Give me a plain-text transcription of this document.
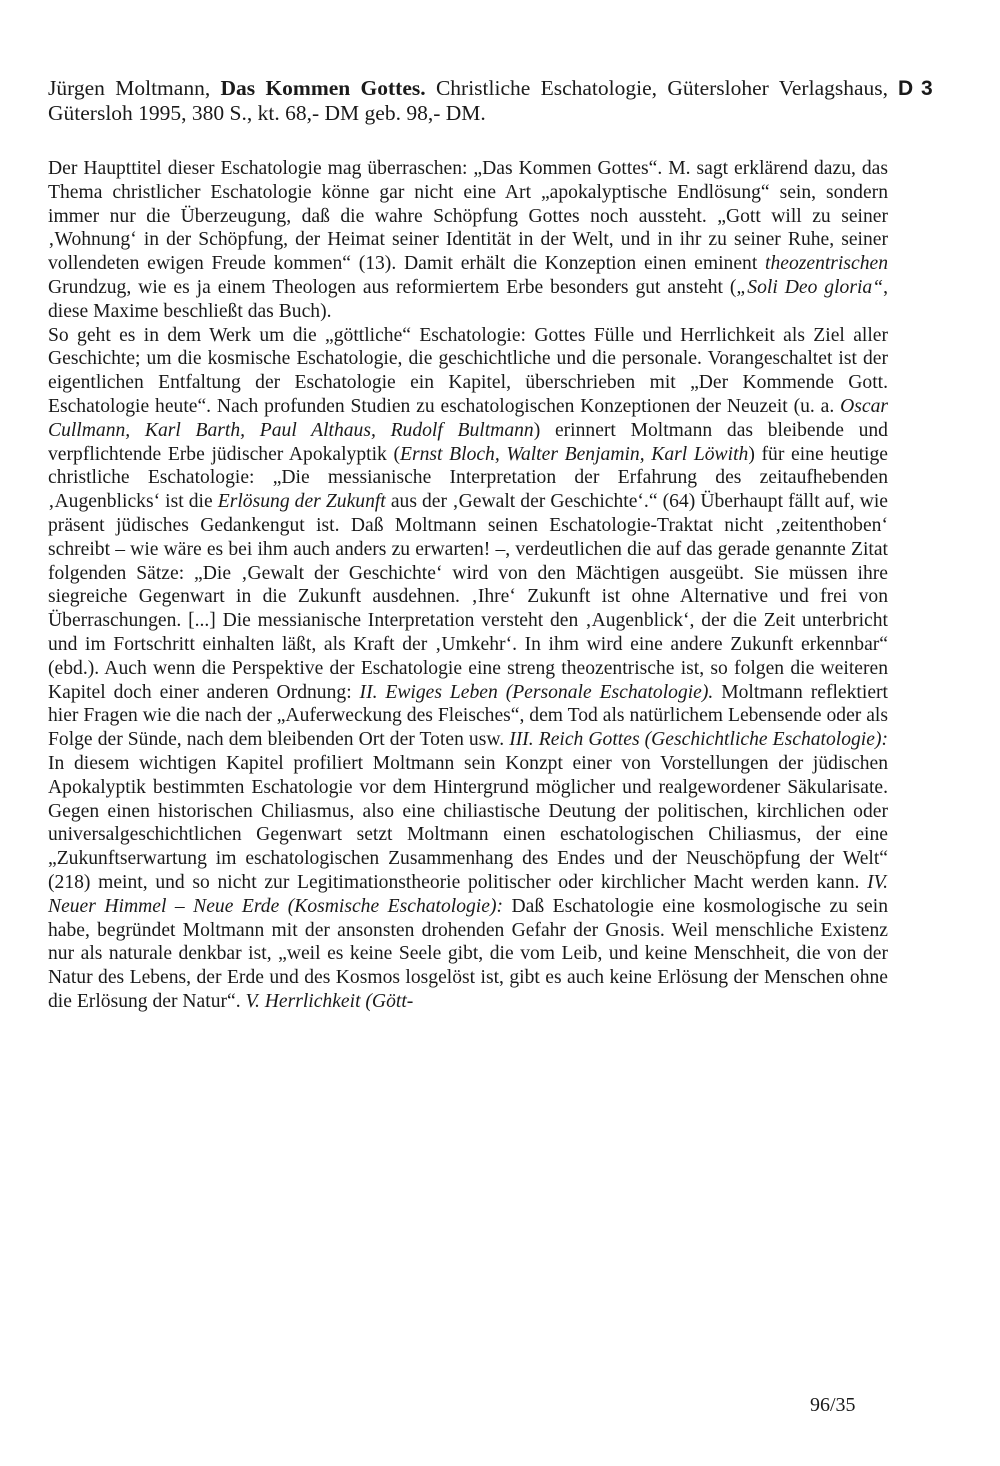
Jürgen Moltmann, Das Kommen Gottes. Christliche Eschatologie, Gütersloher Verlagshaus, Gütersloh 1995, 380 S., kt. 68,- DM geb. 98,- DM.

Der Haupttitel dieser Eschatologie mag überraschen: „Das Kommen Gottes“. M. sagt erklärend dazu, das Thema christlicher Eschatologie könne gar nicht eine Art „apokalyptische Endlösung“ sein, sondern immer nur die Überzeugung, daß die wahre Schöpfung Gottes noch aussteht. „Gott will zu seiner ‚Wohnung‘ in der Schöpfung, der Heimat seiner Identität in der Welt, und in ihr zu seiner Ruhe, seiner vollendeten ewigen Freude kommen“ (13). Damit erhält die Konzeption einen eminent theozentrischen Grundzug, wie es ja einem Theologen aus reformiertem Erbe besonders gut ansteht („Soli Deo gloria“, diese Maxime beschließt das Buch).

So geht es in dem Werk um die „göttliche“ Eschatologie: Gottes Fülle und Herrlichkeit als Ziel aller Geschichte; um die kosmische Eschatologie, die geschichtliche und die personale. Vorangeschaltet ist der eigentlichen Entfaltung der Eschatologie ein Kapitel, überschrieben mit „Der Kommende Gott. Eschatologie heute“. Nach profunden Studien zu eschatologischen Konzeptionen der Neuzeit (u. a. Oscar Cullmann, Karl Barth, Paul Althaus, Rudolf Bultmann) erinnert Moltmann das bleibende und verpflichtende Erbe jüdischer Apokalyptik (Ernst Bloch, Walter Benjamin, Karl Löwith) für eine heutige christliche Eschatologie: „Die messianische Interpretation der Erfahrung des zeitaufhebenden ‚Augenblicks‘ ist die Erlösung der Zukunft aus der ‚Gewalt der Geschichte‘.“ (64) Überhaupt fällt auf, wie präsent jüdisches Gedankengut ist. Daß Moltmann seinen Eschatologie-Traktat nicht ‚zeitenthoben‘ schreibt – wie wäre es bei ihm auch anders zu erwarten! –, verdeutlichen die auf das gerade genannte Zitat folgenden Sätze: „Die ‚Gewalt der Geschichte‘ wird von den Mächtigen ausgeübt. Sie müssen ihre siegreiche Gegenwart in die Zukunft ausdehnen. ‚Ihre‘ Zukunft ist ohne Alternative und frei von Überraschungen. [...] Die messianische Interpretation versteht den ‚Augenblick‘, der die Zeit unterbricht und im Fortschritt einhalten läßt, als Kraft der ‚Umkehr‘. In ihm wird eine andere Zukunft erkennbar“ (ebd.). Auch wenn die Perspektive der Eschatologie eine streng theozentrische ist, so folgen die weiteren Kapitel doch einer anderen Ordnung: II. Ewiges Leben (Personale Eschatologie). Moltmann reflektiert hier Fragen wie die nach der „Auferweckung des Fleisches“, dem Tod als natürlichem Lebensende oder als Folge der Sünde, nach dem bleibenden Ort der Toten usw. III. Reich Gottes (Geschichtliche Eschatologie): In diesem wichtigen Kapitel profiliert Moltmann sein Konzpt einer von Vorstellungen der jüdischen Apokalyptik bestimmten Eschatologie vor dem Hintergrund möglicher und realgewordener Säkularisate. Gegen einen historischen Chiliasmus, also eine chiliastische Deutung der politischen, kirchlichen oder universalgeschichtlichen Gegenwart setzt Moltmann einen eschatologischen Chiliasmus, der eine „Zukunftserwartung im eschatologischen Zusammenhang des Endes und der Neuschöpfung der Welt“ (218) meint, und so nicht zur Legitimationstheorie politischer oder kirchlicher Macht werden kann. IV. Neuer Himmel – Neue Erde (Kosmische Eschatologie): Daß Eschatologie eine kosmologische zu sein habe, begründet Moltmann mit der ansonsten drohenden Gefahr der Gnosis. Weil menschliche Existenz nur als naturale denkbar ist, „weil es keine Seele gibt, die vom Leib, und keine Menschheit, die von der Natur des Lebens, der Erde und des Kosmos losgelöst ist, gibt es auch keine Erlösung der Menschen ohne die Erlösung der Natur“. V. Herrlichkeit (Gött-

D 3
96/35
